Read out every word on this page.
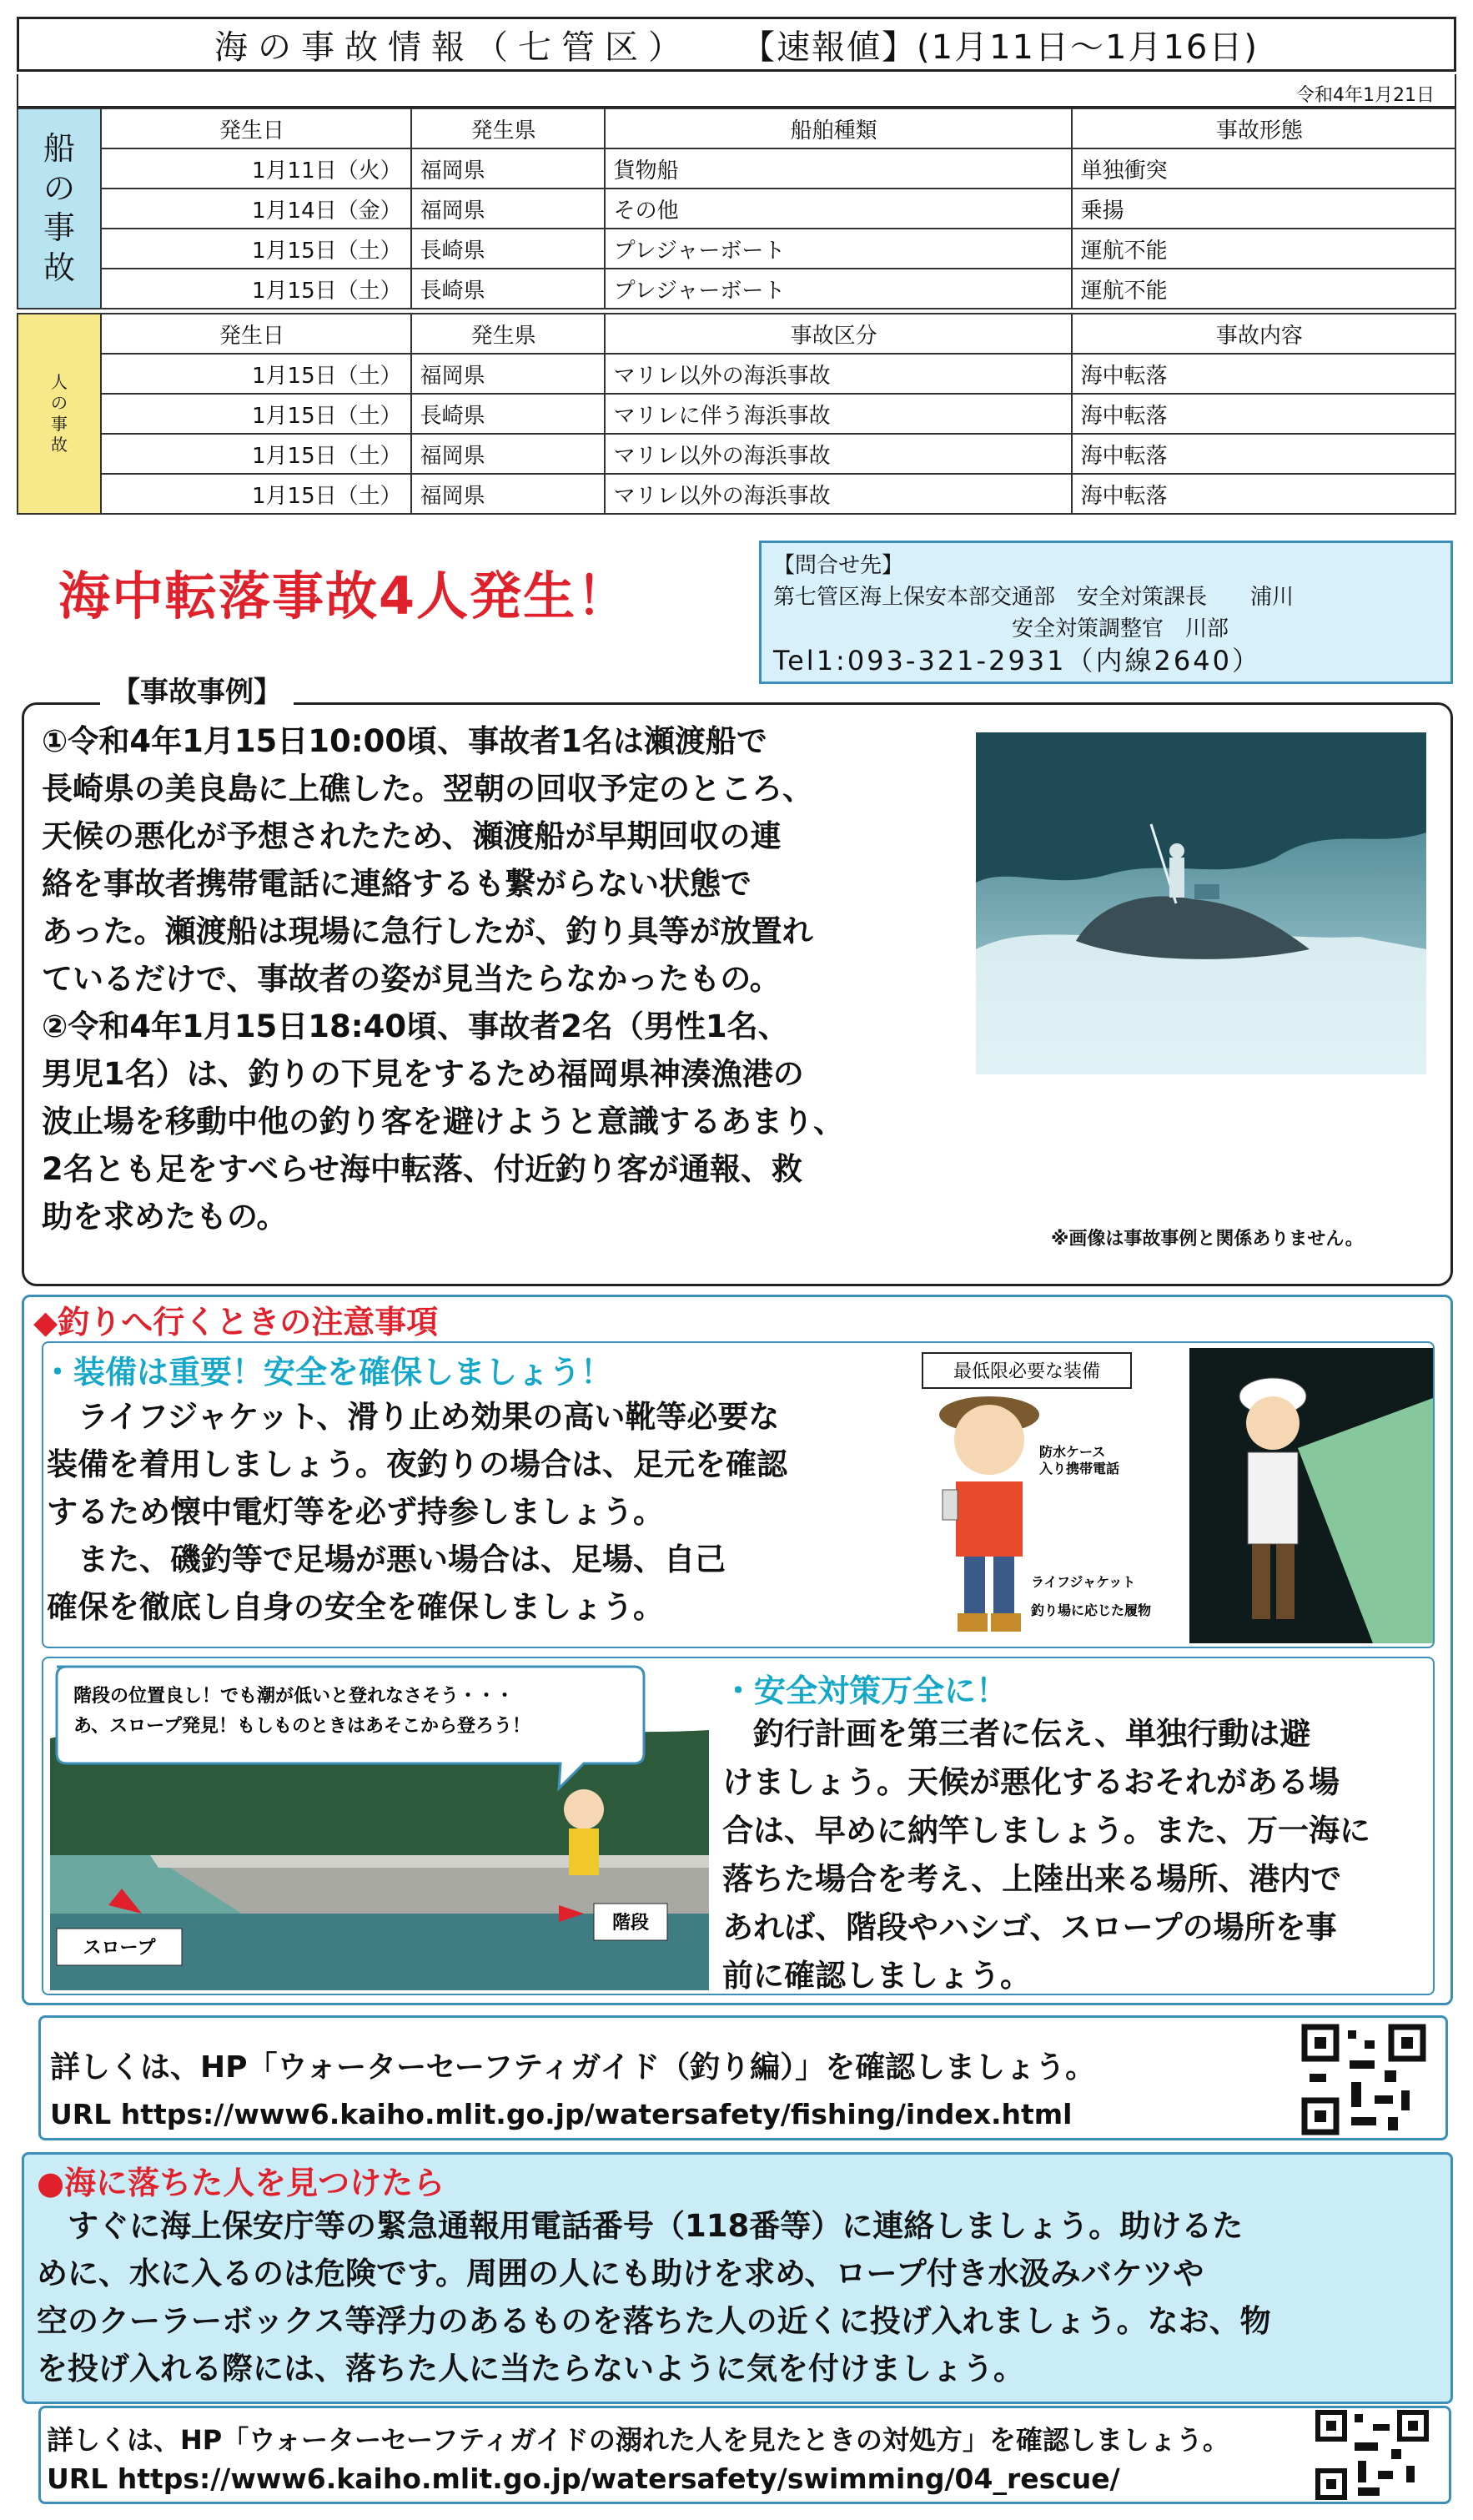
海の事故情報（七管区） 【速報値】(1月11日〜1月16日)
令和4年1月21日
船
の
事
故	発生日	発生県	船舶種類	事故形態
	1月11日（火）	福岡県	貨物船	単独衝突
	1月14日（金）	福岡県	その他	乗揚
	1月15日（土）	長崎県	プレジャーボート	運航不能
	1月15日（土）	長崎県	プレジャーボート	運航不能
人
の
事
故	発生日	発生県	事故区分	事故内容
	1月15日（土）	福岡県	マリレ以外の海浜事故	海中転落
	1月15日（土）	長崎県	マリレに伴う海浜事故	海中転落
	1月15日（土）	福岡県	マリレ以外の海浜事故	海中転落
	1月15日（土）	福岡県	マリレ以外の海浜事故	海中転落
海中転落事故4人発生！	【問合せ先】
第七管区海上保安本部交通部　安全対策課長　　浦川
安全対策調整官　川部
Tel1:093-321-2931（内線2640）
【事故事例】
①令和4年1月15日10:00頃、事故者1名は瀬渡船で
長崎県の美良島に上礁した。翌朝の回収予定のところ、
天候の悪化が予想されたため、瀬渡船が早期回収の連
絡を事故者携帯電話に連絡するも繋がらない状態で
あった。瀬渡船は現場に急行したが、釣り具等が放置れ
ているだけで、事故者の姿が見当たらなかったもの。
②令和4年1月15日18:40頃、事故者2名（男性1名、
男児1名）は、釣りの下見をするため福岡県神湊漁港の
波止場を移動中他の釣り客を避けようと意識するあまり、
2名とも足をすべらせ海中転落、付近釣り客が通報、救
助を求めたもの。
※画像は事故事例と関係ありません。
◆釣りへ行くときの注意事項
・装備は重要！安全を確保しましょう！
　ライフジャケット、滑り止め効果の高い靴等必要な
装備を着用しましょう。夜釣りの場合は、足元を確認
するため懐中電灯等を必ず持参しましょう。
　また、磯釣等で足場が悪い場合は、足場、自己
確保を徹底し自身の安全を確保しましょう。
最低限必要な装備
防水ケース
入り携帯電話
ライフジャケット
釣り場に応じた履物
階段の位置良し！でも潮が低いと登れなさそう・・・
あ、スロープ発見！もしものときはあそこから登ろう！
スロープ
階段
・安全対策万全に！
　釣行計画を第三者に伝え、単独行動は避
けましょう。天候が悪化するおそれがある場
合は、早めに納竿しましょう。また、万一海に
落ちた場合を考え、上陸出来る場所、港内で
あれば、階段やハシゴ、スロープの場所を事
前に確認しましょう。
詳しくは、HP「ウォーターセーフティガイド（釣り編）」を確認しましょう。
URL https://www6.kaiho.mlit.go.jp/watersafety/fishing/index.html
●海に落ちた人を見つけたら
　すぐに海上保安庁等の緊急通報用電話番号（118番等）に連絡しましょう。助けるた
めに、水に入るのは危険です。周囲の人にも助けを求め、ロープ付き水汲みバケツや
空のクーラーボックス等浮力のあるものを落ちた人の近くに投げ入れましょう。なお、物
を投げ入れる際には、落ちた人に当たらないように気を付けましょう。
詳しくは、HP「ウォーターセーフティガイドの溺れた人を見たときの対処方」を確認しましょう。
URL https://www6.kaiho.mlit.go.jp/watersafety/swimming/04_rescue/
